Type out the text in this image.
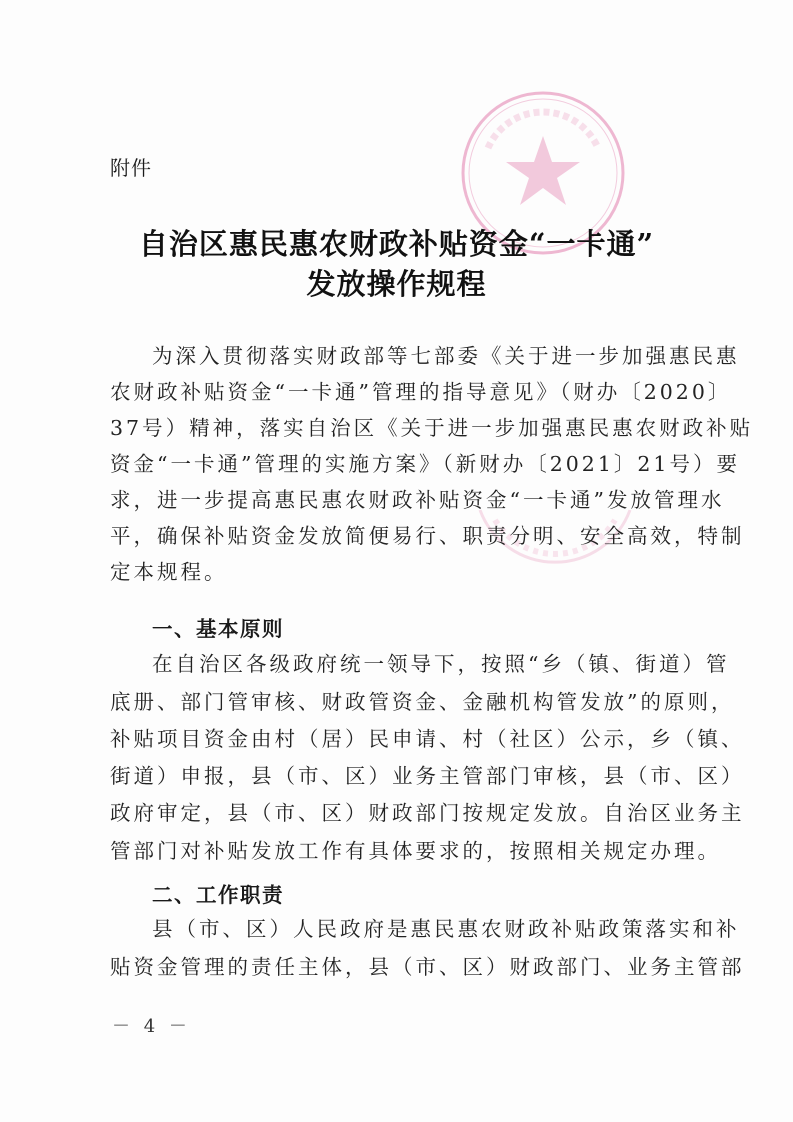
附件
自治区惠民惠农财政补贴资金“一卡通”
发放操作规程
为深入贯彻落实财政部等七部委《关于进一步加强惠民惠
农财政补贴资金“一卡通”管理的指导意见》（财办〔2020〕
37号）精神，落实自治区《关于进一步加强惠民惠农财政补贴
资金“一卡通”管理的实施方案》（新财办〔2021〕21号）要
求，进一步提高惠民惠农财政补贴资金“一卡通”发放管理水
平，确保补贴资金发放简便易行、职责分明、安全高效，特制
定本规程。
一、基本原则
在自治区各级政府统一领导下，按照“乡（镇、街道）管
底册、部门管审核、财政管资金、金融机构管发放”的原则，
补贴项目资金由村（居）民申请、村（社区）公示，乡（镇、
街道）申报，县（市、区）业务主管部门审核，县（市、区）
政府审定，县（市、区）财政部门按规定发放。自治区业务主
管部门对补贴发放工作有具体要求的，按照相关规定办理。
二、工作职责
县（市、区）人民政府是惠民惠农财政补贴政策落实和补
贴资金管理的责任主体，县（市、区）财政部门、业务主管部
－ 4 －
